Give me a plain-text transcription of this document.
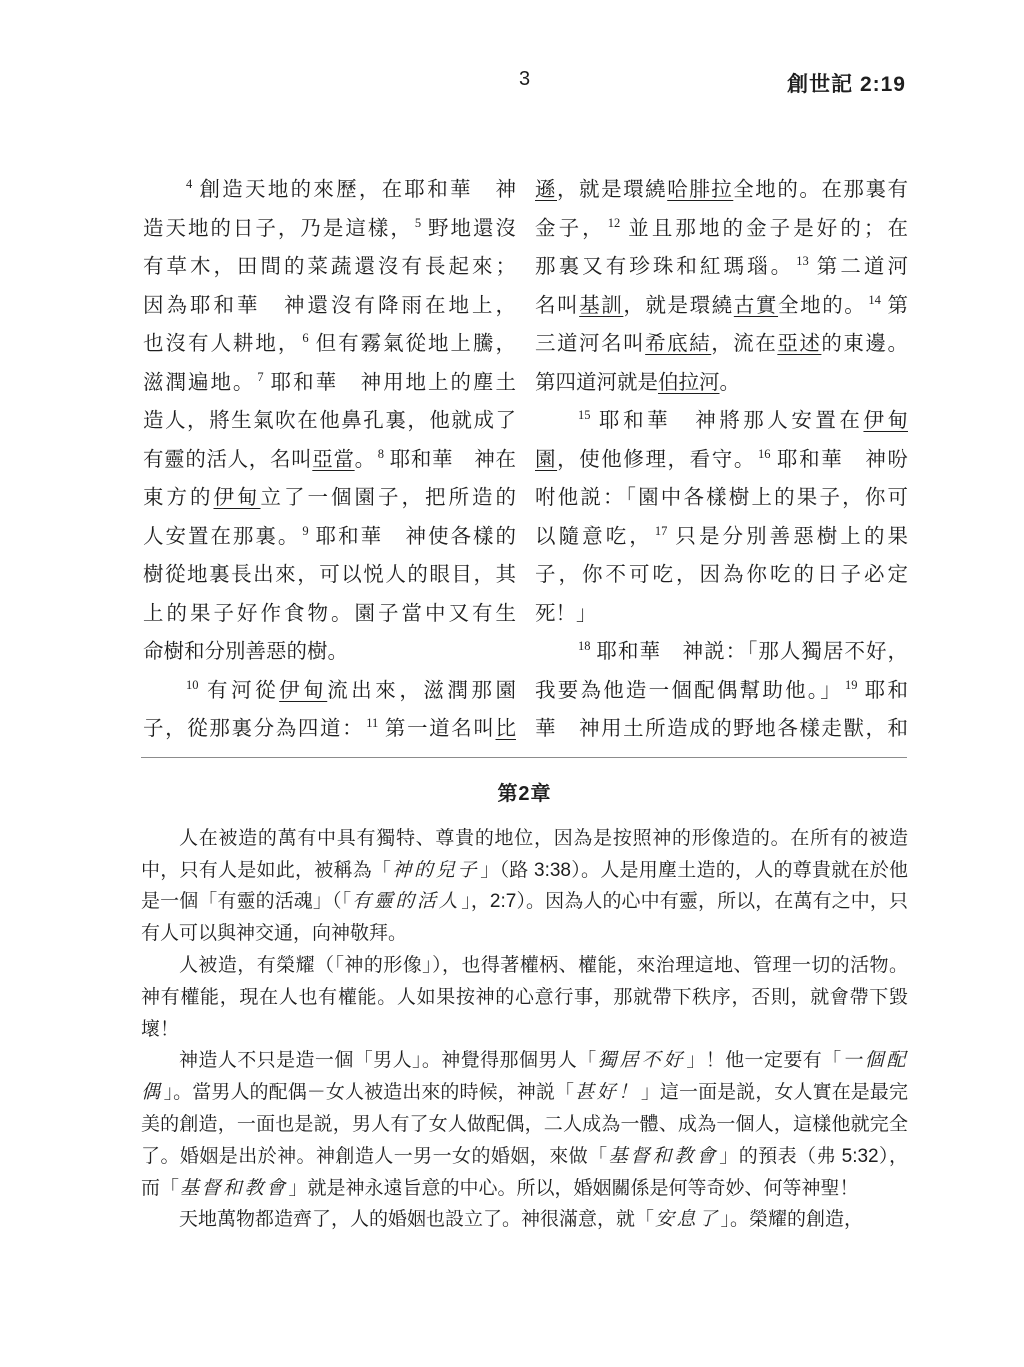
3	創世記 2:19
4 創造天地的來歷，在耶和華　神
造天地的日子，乃是這樣， 5 野地還沒
有草木，田間的菜蔬還沒有長起來；
因為耶和華　神還沒有降雨在地上，
也沒有人耕地， 6 但有霧氣從地上騰，
滋潤遍地。 7 耶和華　神用地上的塵土
造人，將生氣吹在他鼻孔裏，他就成了
有靈的活人，名叫亞當。 8 耶和華　神在
東方的伊甸立了一個園子，把所造的
人安置在那裏。 9 耶和華　神使各樣的
樹從地裏長出來，可以悦人的眼目，其
上的果子好作食物。園子當中又有生
命樹和分別善惡的樹。
10 有河從伊甸流出來，滋潤那園
子，從那裏分為四道： 11 第一道名叫比
遜，就是環繞哈腓拉全地的。在那裏有
金子， 12 並且那地的金子是好的；在
那裏又有珍珠和紅瑪瑙。 13 第二道河
名叫基訓，就是環繞古實全地的。 14 第
三道河名叫希底結，流在亞述的東邊。
第四道河就是伯拉河。
15 耶和華　神將那人安置在伊甸
園，使他修理，看守。 16 耶和華　神吩
咐他説：「園中各樣樹上的果子，你可
以隨意吃， 17 只是分別善惡樹上的果
子，你不可吃，因為你吃的日子必定
死！」
18 耶和華　神説：「那人獨居不好，
我要為他造一個配偶幫助他。」 19 耶和
華　神用土所造成的野地各樣走獸，和
第2章

人在被造的萬有中具有獨特、尊貴的地位，因為是按照神的形像造的。在所有的被造中，只有人是如此，被稱為「神的兒子」（路 3:38）。人是用塵土造的，人的尊貴就在於他是一個「有靈的活魂」（「有靈的活人」，2:7）。因為人的心中有靈，所以，在萬有之中，只有人可以與神交通，向神敬拜。

人被造，有榮耀（「神的形像」），也得著權柄、權能，來治理這地、管理一切的活物。神有權能，現在人也有權能。人如果按神的心意行事，那就帶下秩序，否則，就會帶下毀壞！

神造人不只是造一個「男人」。神覺得那個男人「獨居不好」！他一定要有「一個配偶」。當男人的配偶－女人被造出來的時候，神説「甚好！」這一面是説，女人實在是最完美的創造，一面也是説，男人有了女人做配偶，二人成為一體、成為一個人，這樣他就完全了。婚姻是出於神。神創造人一男一女的婚姻，來做「基督和教會」的預表（弗 5:32），而「基督和教會」就是神永遠旨意的中心。所以，婚姻關係是何等奇妙、何等神聖！

天地萬物都造齊了，人的婚姻也設立了。神很滿意，就「安息了」。榮耀的創造，
